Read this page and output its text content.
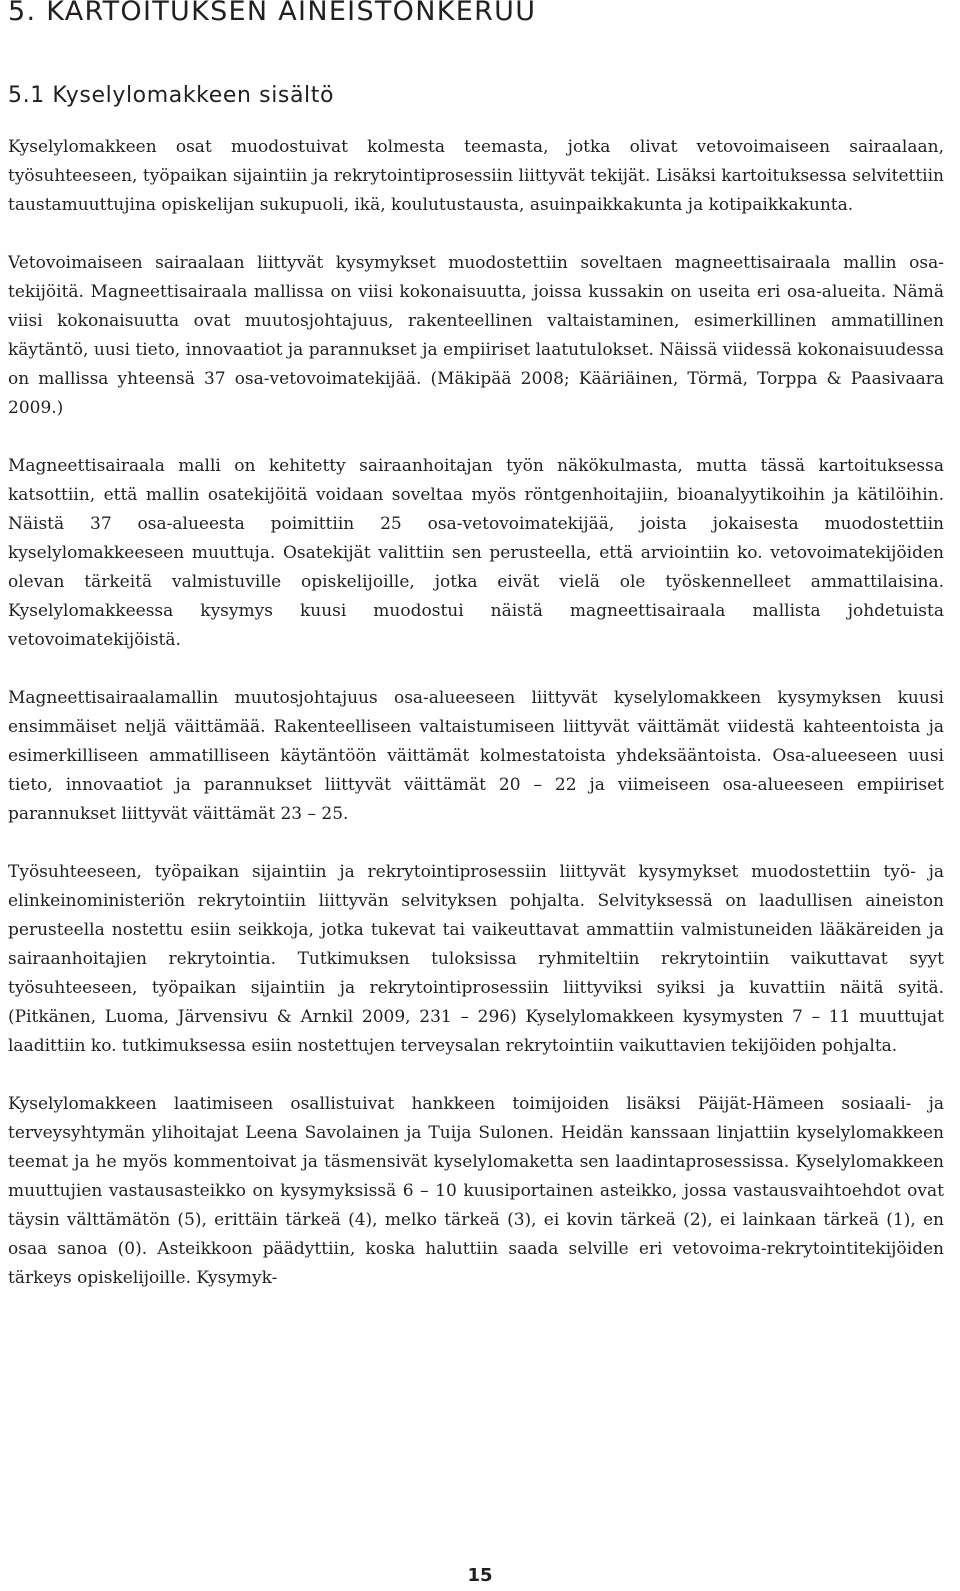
5. KARTOITUKSEN AINEISTONKERUU
5.1 Kyselylomakkeen sisältö

Kyselylomakkeen osat muodostuivat kolmesta teemasta, jotka olivat vetovoimaiseen sairaalaan, työsuhteeseen, työpaikan sijaintiin ja rekrytointiprosessiin liittyvät tekijät. Lisäksi kartoituksessa selvitettiin taustamuuttujina opiskelijan sukupuoli, ikä, koulutustausta, asuinpaikkakunta ja kotipaikkakunta.

Vetovoimaiseen sairaalaan liittyvät kysymykset muodostettiin soveltaen magneettisairaala mallin osa-tekijöitä. Magneettisairaala mallissa on viisi kokonaisuutta, joissa kussakin on useita eri osa-alueita. Nämä viisi kokonaisuutta ovat muutosjohtajuus, rakenteellinen valtaistaminen, esimerkillinen ammatillinen käytäntö, uusi tieto, innovaatiot ja parannukset ja empiiriset laatutulokset. Näissä viidessä kokonaisuudessa on mallissa yhteensä 37 osa-vetovoimatekijää. (Mäkipää 2008; Kääriäinen, Törmä, Torppa & Paasivaara 2009.)

Magneettisairaala malli on kehitetty sairaanhoitajan työn näkökulmasta, mutta tässä kartoituksessa katsottiin, että mallin osatekijöitä voidaan soveltaa myös röntgenhoitajiin, bioanalyytikoihin ja kätilöihin. Näistä 37 osa-alueesta poimittiin 25 osa-vetovoimatekijää, joista jokaisesta muodostettiin kyselylomakkeeseen muuttuja. Osatekijät valittiin sen perusteella, että arviointiin ko. vetovoimatekijöiden olevan tärkeitä valmistuville opiskelijoille, jotka eivät vielä ole työskennelleet ammattilaisina. Kyselylomakkeessa kysymys kuusi muodostui näistä magneettisairaala mallista johdetuista vetovoimatekijöistä.

Magneettisairaalamallin muutosjohtajuus osa-alueeseen liittyvät kyselylomakkeen kysymyksen kuusi ensimmäiset neljä väittämää. Rakenteelliseen valtaistumiseen liittyvät väittämät viidestä kahteentoista ja esimerkilliseen ammatilliseen käytäntöön väittämät kolmestatoista yhdeksääntoista. Osa-alueeseen uusi tieto, innovaatiot ja parannukset liittyvät väittämät 20 – 22 ja viimeiseen osa-alueeseen empiiriset parannukset liittyvät väittämät 23 – 25.

Työsuhteeseen, työpaikan sijaintiin ja rekrytointiprosessiin liittyvät kysymykset muodostettiin työ- ja elinkeinoministeriön rekrytointiin liittyvän selvityksen pohjalta. Selvityksessä on laadullisen aineiston perusteella nostettu esiin seikkoja, jotka tukevat tai vaikeuttavat ammattiin valmistuneiden lääkäreiden ja sairaanhoitajien rekrytointia. Tutkimuksen tuloksissa ryhmiteltiin rekrytointiin vaikuttavat syyt työsuhteeseen, työpaikan sijaintiin ja rekrytointiprosessiin liittyviksi syiksi ja kuvattiin näitä syitä. (Pitkänen, Luoma, Järvensivu & Arnkil 2009, 231 – 296) Kyselylomakkeen kysymysten 7 – 11 muuttujat laadittiin ko. tutkimuksessa esiin nostettujen terveysalan rekrytointiin vaikuttavien tekijöiden pohjalta.

Kyselylomakkeen laatimiseen osallistuivat hankkeen toimijoiden lisäksi Päijät-Hämeen sosiaali- ja terveysyhtymän ylihoitajat Leena Savolainen ja Tuija Sulonen. Heidän kanssaan linjattiin kyselylomakkeen teemat ja he myös kommentoivat ja täsmensivät kyselylomaketta sen laadintaprosessissa. Kyselylomakkeen muuttujien vastausasteikko on kysymyksissä 6 – 10 kuusiportainen asteikko, jossa vastausvaihtoehdot ovat täysin välttämätön (5), erittäin tärkeä (4), melko tärkeä (3), ei kovin tärkeä (2), ei lainkaan tärkeä (1), en osaa sanoa (0). Asteikkoon päädyttiin, koska haluttiin saada selville eri vetovoima-rekrytointitekijöiden tärkeys opiskelijoille. Kysymyk-

15
